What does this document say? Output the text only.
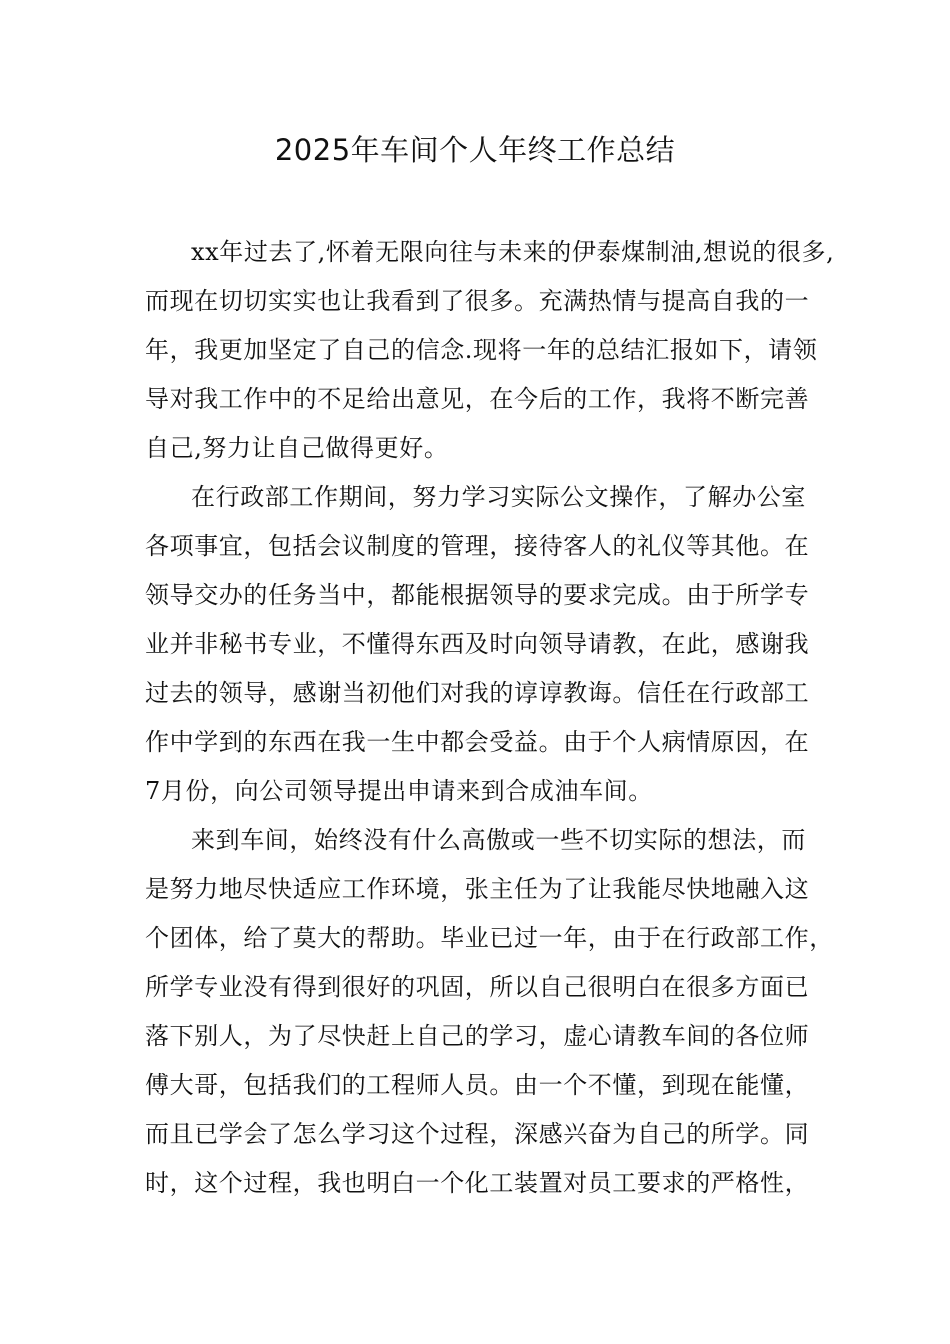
2025年车间个人年终工作总结
xx年过去了,怀着无限向往与未来的伊泰煤制油,想说的很多,
而现在切切实实也让我看到了很多。充满热情与提高自我的一
年，我更加坚定了自己的信念.现将一年的总结汇报如下，请领
导对我工作中的不足给出意见，在今后的工作，我将不断完善
自己,努力让自己做得更好。
在行政部工作期间，努力学习实际公文操作，了解办公室
各项事宜，包括会议制度的管理，接待客人的礼仪等其他。在
领导交办的任务当中，都能根据领导的要求完成。由于所学专
业并非秘书专业，不懂得东西及时向领导请教，在此，感谢我
过去的领导，感谢当初他们对我的谆谆教诲。信任在行政部工
作中学到的东西在我一生中都会受益。由于个人病情原因，在
7月份，向公司领导提出申请来到合成油车间。
来到车间，始终没有什么高傲或一些不切实际的想法，而
是努力地尽快适应工作环境，张主任为了让我能尽快地融入这
个团体，给了莫大的帮助。毕业已过一年，由于在行政部工作，
所学专业没有得到很好的巩固，所以自己很明白在很多方面已
落下别人，为了尽快赶上自己的学习，虚心请教车间的各位师
傅大哥，包括我们的工程师人员。由一个不懂，到现在能懂，
而且已学会了怎么学习这个过程，深感兴奋为自己的所学。同
时，这个过程，我也明白一个化工装置对员工要求的严格性，
